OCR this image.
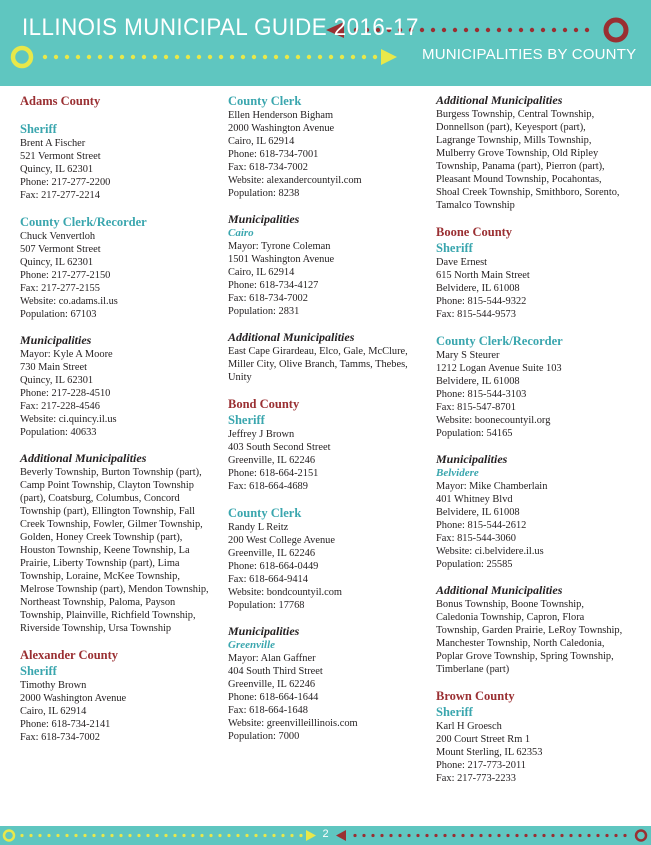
ILLINOIS MUNICIPAL GUIDE 2016-17
MUNICIPALITIES BY COUNTY
Adams County
Sheriff
Brent A Fischer
521 Vermont Street
Quincy, IL 62301
Phone: 217-277-2200
Fax: 217-277-2214
County Clerk/Recorder
Chuck Venvertloh
507 Vermont Street
Quincy, IL 62301
Phone: 217-277-2150
Fax: 217-277-2155
Website: co.adams.il.us
Population: 67103
Municipalities
Mayor: Kyle A Moore
730 Main Street
Quincy, IL 62301
Phone: 217-228-4510
Fax: 217-228-4546
Website: ci.quincy.il.us
Population: 40633
Additional Municipalities
Beverly Township, Burton Township (part),
Camp Point Township, Clayton Township
(part), Coatsburg, Columbus, Concord
Township (part), Ellington Township, Fall
Creek Township, Fowler, Gilmer Township,
Golden, Honey Creek Township (part),
Houston Township, Keene Township, La
Prairie, Liberty Township (part), Lima
Township, Loraine, McKee Township,
Melrose Township (part), Mendon Township,
Northeast Township, Paloma, Payson
Township, Plainville, Richfield Township,
Riverside Township, Ursa Township
Alexander County
Sheriff
Timothy Brown
2000 Washington Avenue
Cairo, IL 62914
Phone: 618-734-2141
Fax: 618-734-7002
County Clerk
Ellen Henderson Bigham
2000 Washington Avenue
Cairo, IL 62914
Phone: 618-734-7001
Fax: 618-734-7002
Website: alexandercountyil.com
Population: 8238
Municipalities
Cairo
Mayor: Tyrone Coleman
1501 Washington Avenue
Cairo, IL 62914
Phone: 618-734-4127
Fax: 618-734-7002
Population: 2831
Additional Municipalities
East Cape Girardeau, Elco, Gale, McClure,
Miller City, Olive Branch, Tamms, Thebes,
Unity
Bond County
Sheriff
Jeffrey J Brown
403 South Second Street
Greenville, IL 62246
Phone: 618-664-2151
Fax: 618-664-4689
County Clerk
Randy L Reitz
200 West College Avenue
Greenville, IL 62246
Phone: 618-664-0449
Fax: 618-664-9414
Website: bondcountyil.com
Population: 17768
Municipalities
Greenville
Mayor: Alan Gaffner
404 South Third Street
Greenville, IL 62246
Phone: 618-664-1644
Fax: 618-664-1648
Website: greenvilleillinois.com
Population: 7000
Additional Municipalities
Burgess Township, Central Township,
Donnellson (part), Keyesport (part),
Lagrange Township, Mills Township,
Mulberry Grove Township, Old Ripley
Township, Panama (part), Pierron (part),
Pleasant Mound Township, Pocahontas,
Shoal Creek Township, Smithboro, Sorento,
Tamalco Township
Boone County
Sheriff
Dave Ernest
615 North Main Street
Belvidere, IL 61008
Phone: 815-544-9322
Fax: 815-544-9573
County Clerk/Recorder
Mary S Steurer
1212 Logan Avenue Suite 103
Belvidere, IL 61008
Phone: 815-544-3103
Fax: 815-547-8701
Website: boonecountyil.org
Population: 54165
Municipalities
Belvidere
Mayor: Mike Chamberlain
401 Whitney Blvd
Belvidere, IL 61008
Phone: 815-544-2612
Fax: 815-544-3060
Website: ci.belvidere.il.us
Population: 25585
Additional Municipalities
Bonus Township, Boone Township,
Caledonia Township, Capron, Flora
Township, Garden Prairie, LeRoy Township,
Manchester Township, North Caledonia,
Poplar Grove Township, Spring Township,
Timberlane (part)
Brown County
Sheriff
Karl H Groesch
200 Court Street Rm 1
Mount Sterling, IL 62353
Phone: 217-773-2011
Fax: 217-773-2233
2
